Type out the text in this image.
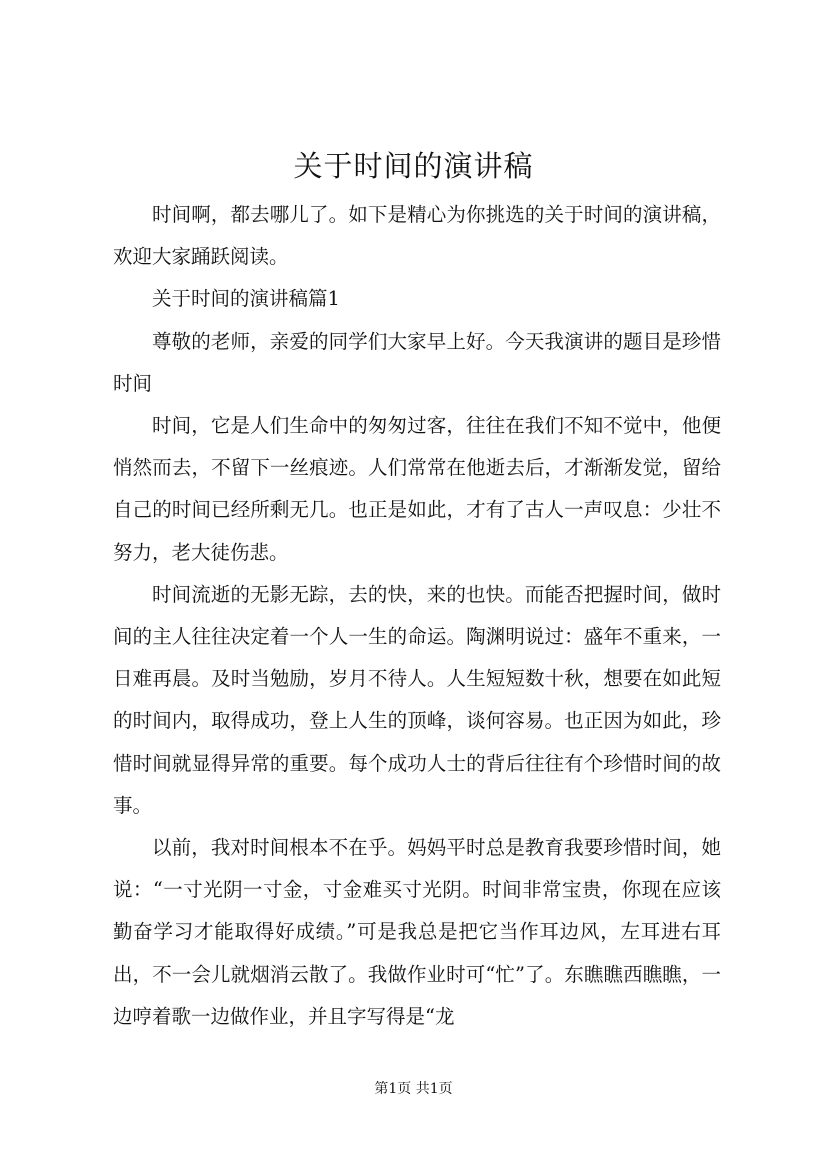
关于时间的演讲稿

时间啊，都去哪儿了。如下是精心为你挑选的关于时间的演讲稿，欢迎大家踊跃阅读。

关于时间的演讲稿篇1

尊敬的老师，亲爱的同学们大家早上好。今天我演讲的题目是珍惜时间

时间，它是人们生命中的匆匆过客，往往在我们不知不觉中，他便悄然而去，不留下一丝痕迹。人们常常在他逝去后，才渐渐发觉，留给自己的时间已经所剩无几。也正是如此，才有了古人一声叹息：少壮不努力，老大徒伤悲。

时间流逝的无影无踪，去的快，来的也快。而能否把握时间，做时间的主人往往决定着一个人一生的命运。陶渊明说过：盛年不重来，一日难再晨。及时当勉励，岁月不待人。人生短短数十秋，想要在如此短的时间内，取得成功，登上人生的顶峰，谈何容易。也正因为如此，珍惜时间就显得异常的重要。每个成功人士的背后往往有个珍惜时间的故事。

以前，我对时间根本不在乎。妈妈平时总是教育我要珍惜时间，她说：“一寸光阴一寸金，寸金难买寸光阴。时间非常宝贵，你现在应该勤奋学习才能取得好成绩。”可是我总是把它当作耳边风，左耳进右耳出，不一会儿就烟消云散了。我做作业时可“忙”了。东瞧瞧西瞧瞧，一边哼着歌一边做作业，并且字写得是“龙

第1页 共1页
